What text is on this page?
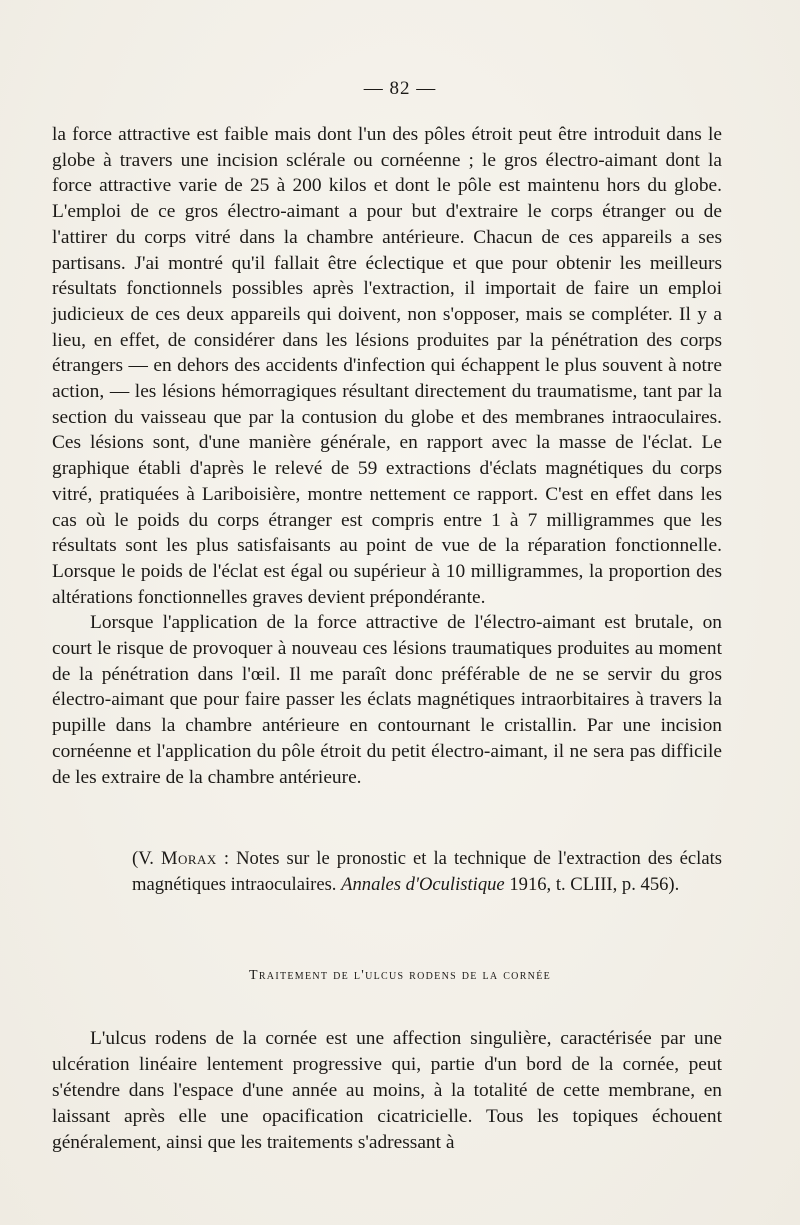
— 82 —

la force attractive est faible mais dont l'un des pôles étroit peut être introduit dans le globe à travers une incision sclérale ou cornéenne ; le gros électro-aimant dont la force attractive varie de 25 à 200 kilos et dont le pôle est maintenu hors du globe. L'emploi de ce gros électro-aimant a pour but d'extraire le corps étranger ou de l'attirer du corps vitré dans la chambre antérieure. Chacun de ces appareils a ses partisans. J'ai montré qu'il fallait être éclectique et que pour obtenir les meilleurs résultats fonctionnels possibles après l'extraction, il importait de faire un emploi judicieux de ces deux appareils qui doivent, non s'opposer, mais se compléter. Il y a lieu, en effet, de considérer dans les lésions produites par la pénétration des corps étrangers — en dehors des accidents d'infection qui échappent le plus souvent à notre action, — les lésions hémorragiques résultant directement du traumatisme, tant par la section du vaisseau que par la contusion du globe et des membranes intraoculaires. Ces lésions sont, d'une manière générale, en rapport avec la masse de l'éclat. Le graphique établi d'après le relevé de 59 extractions d'éclats magnétiques du corps vitré, pratiquées à Lariboisière, montre nettement ce rapport. C'est en effet dans les cas où le poids du corps étranger est compris entre 1 à 7 milligrammes que les résultats sont les plus satisfaisants au point de vue de la réparation fonctionnelle. Lorsque le poids de l'éclat est égal ou supérieur à 10 milligrammes, la proportion des altérations fonctionnelles graves devient prépondérante.

Lorsque l'application de la force attractive de l'électro-aimant est brutale, on court le risque de provoquer à nouveau ces lésions traumatiques produites au moment de la pénétration dans l'œil. Il me paraît donc préférable de ne se servir du gros électro-aimant que pour faire passer les éclats magnétiques intraorbitaires à travers la pupille dans la chambre antérieure en contournant le cristallin. Par une incision cornéenne et l'application du pôle étroit du petit électro-aimant, il ne sera pas difficile de les extraire de la chambre antérieure.

(V. Morax : Notes sur le pronostic et la technique de l'extraction des éclats magnétiques intraoculaires. Annales d'Oculistique 1916, t. CLIII, p. 456).
Traitement de l'ulcus rodens de la cornée

L'ulcus rodens de la cornée est une affection singulière, caractérisée par une ulcération linéaire lentement progressive qui, partie d'un bord de la cornée, peut s'étendre dans l'espace d'une année au moins, à la totalité de cette membrane, en laissant après elle une opacification cicatricielle. Tous les topiques échouent généralement, ainsi que les traitements s'adressant à
